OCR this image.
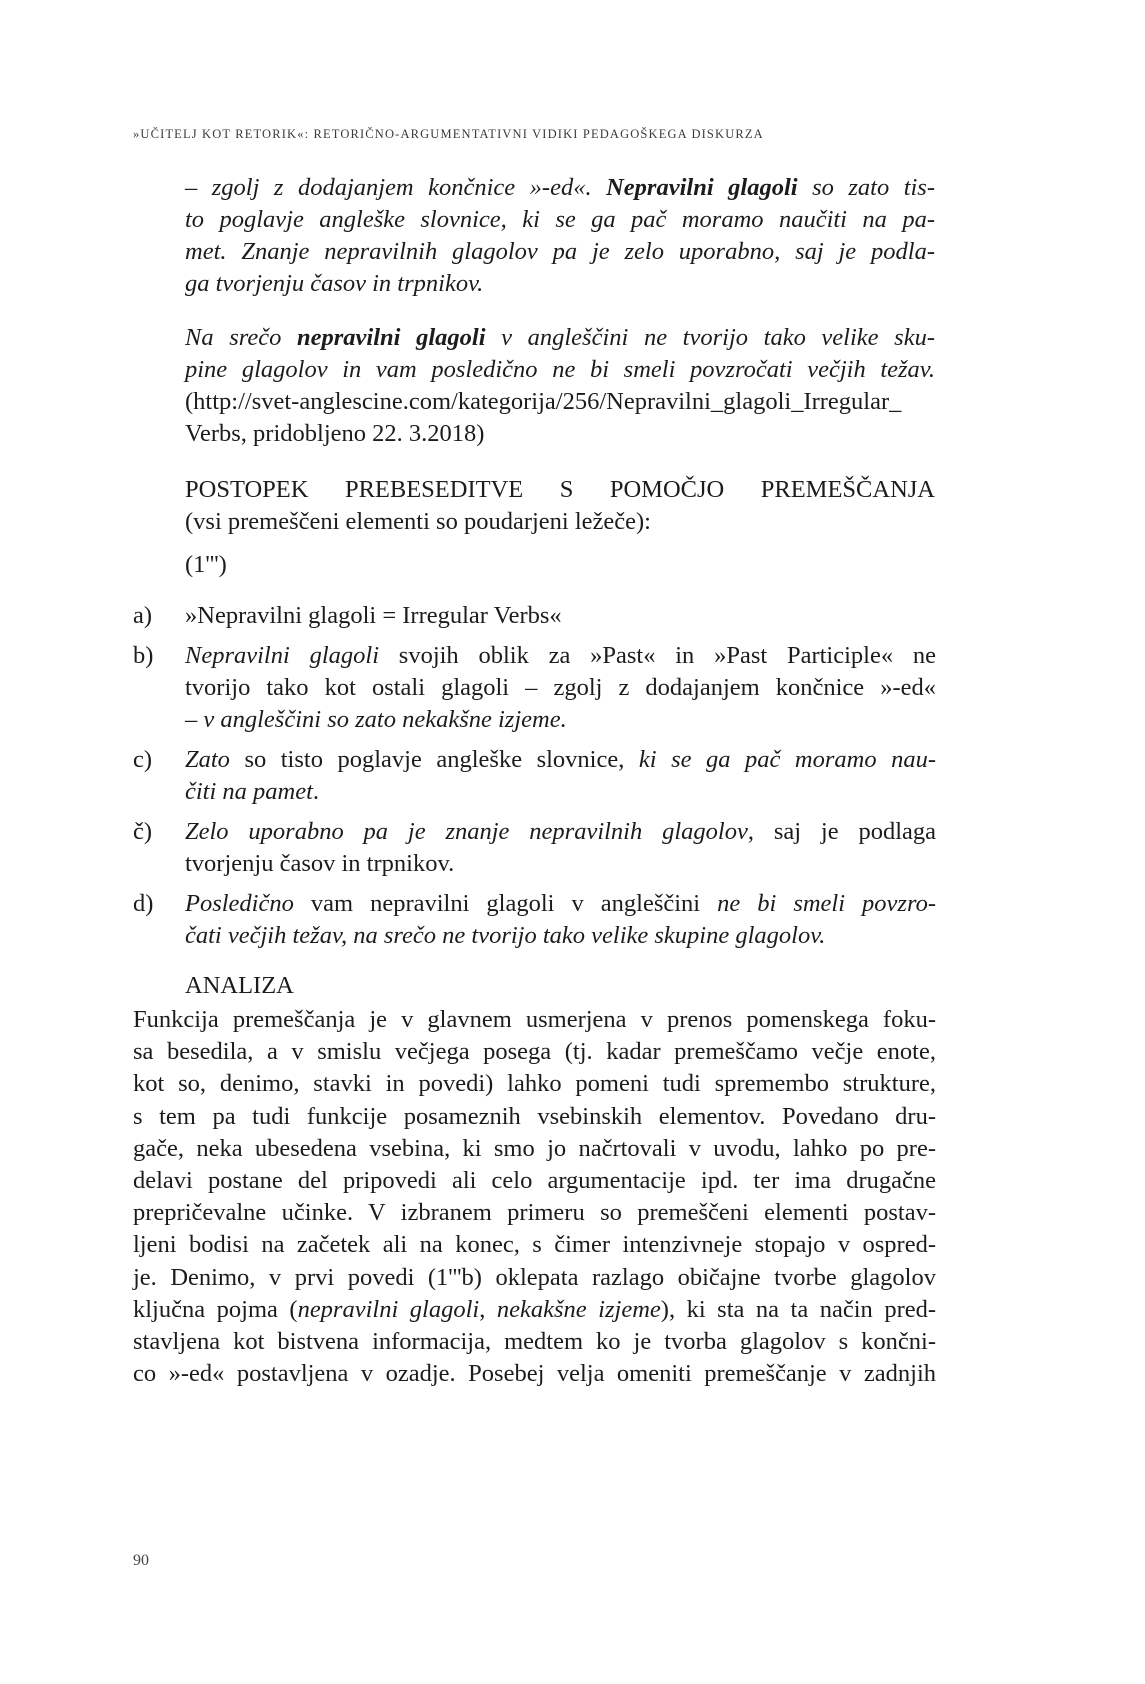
»UČITELJ KOT RETORIK«: RETORIČNO-ARGUMENTATIVNI VIDIKI PEDAGOŠKEGA DISKURZA
– zgolj z dodajanjem končnice »-ed«. Nepravilni glagoli so zato tis-
to poglavje angleške slovnice, ki se ga pač moramo naučiti na pa-
met. Znanje nepravilnih glagolov pa je zelo uporabno, saj je podla-
ga tvorjenju časov in trpnikov.
Na srečo nepravilni glagoli v angleščini ne tvorijo tako velike sku-
pine glagolov in vam posledično ne bi smeli povzročati večjih težav.
(http://svet-anglescine.com/kategorija/256/Nepravilni_glagoli_Irregular_
Verbs, pridobljeno 22. 3.2018)
POSTOPEK PREBESEDITVE S POMOČJO PREMEŠČANJA
(vsi premeščeni elementi so poudarjeni ležeče):
(1''')
a) »Nepravilni glagoli = Irregular Verbs«
b) Nepravilni glagoli svojih oblik za »Past« in »Past Participle« ne
tvorijo tako kot ostali glagoli – zgolj z dodajanjem končnice »-ed«
– v angleščini so zato nekakšne izjeme.
c) Zato so tisto poglavje angleške slovnice, ki se ga pač moramo nau-
čiti na pamet.
č) Zelo uporabno pa je znanje nepravilnih glagolov, saj je podlaga
tvorjenju časov in trpnikov.
d) Posledično vam nepravilni glagoli v angleščini ne bi smeli povzro-
čati večjih težav, na srečo ne tvorijo tako velike skupine glagolov.
ANALIZA
Funkcija premeščanja je v glavnem usmerjena v prenos pomenskega foku-
sa besedila, a v smislu večjega posega (tj. kadar premeščamo večje enote,
kot so, denimo, stavki in povedi) lahko pomeni tudi spremembo strukture,
s tem pa tudi funkcije posameznih vsebinskih elementov. Povedano dru-
gače, neka ubesedena vsebina, ki smo jo načrtovali v uvodu, lahko po pre-
delavi postane del pripovedi ali celo argumentacije ipd. ter ima drugačne
prepričevalne učinke. V izbranem primeru so premeščeni elementi postav-
ljeni bodisi na začetek ali na konec, s čimer intenzivneje stopajo v ospred-
je. Denimo, v prvi povedi (1'''b) oklepata razlago običajne tvorbe glagolov
ključna pojma (nepravilni glagoli, nekakšne izjeme), ki sta na ta način pred-
stavljena kot bistvena informacija, medtem ko je tvorba glagolov s končni-
co »-ed« postavljena v ozadje. Posebej velja omeniti premeščanje v zadnjih
90
